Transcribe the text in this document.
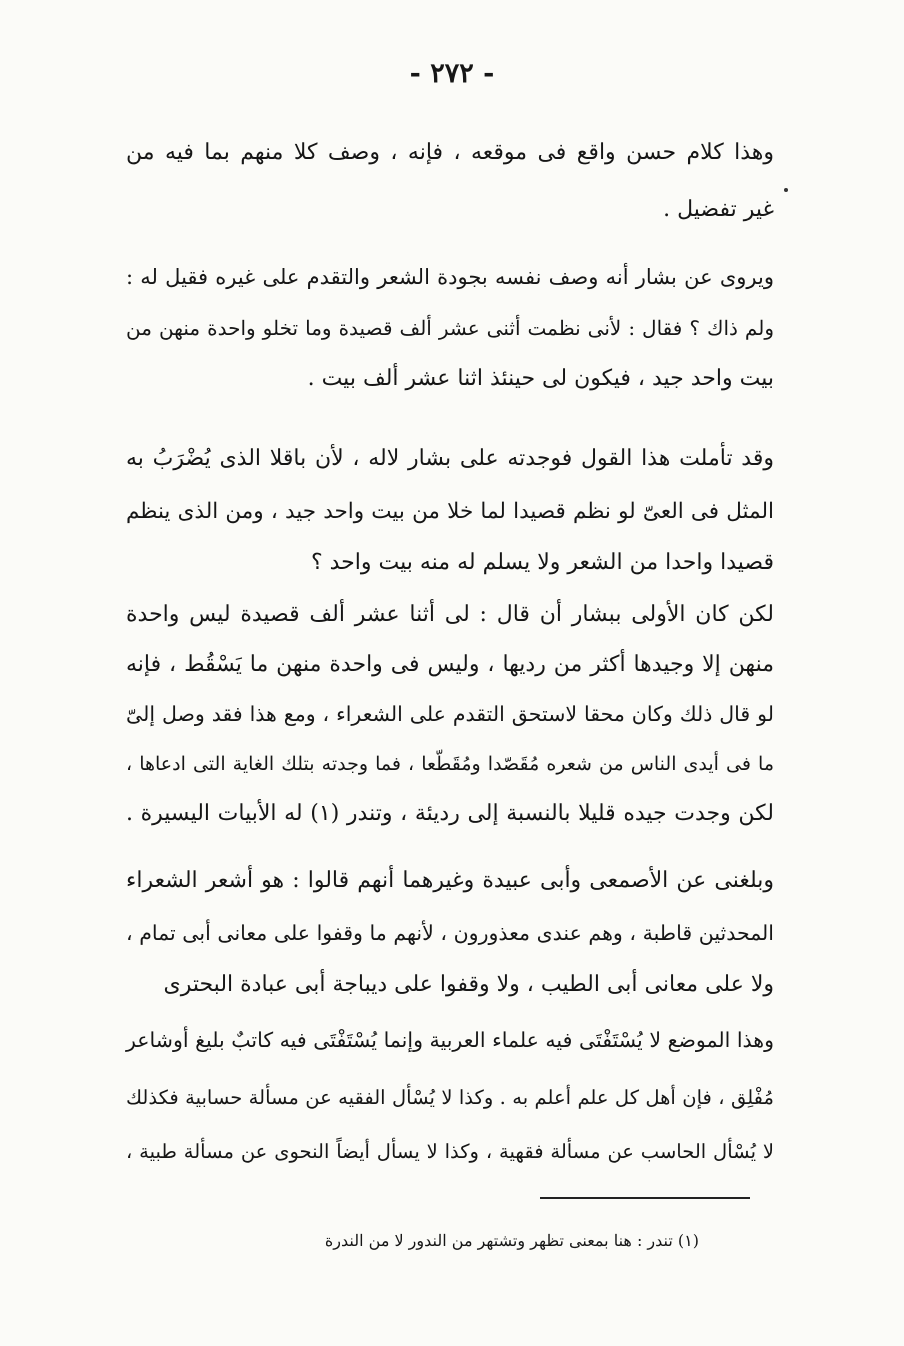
- ٢٧٢ -
وهذا كلام حسن واقع فى موقعه ، فإنه ، وصف كلا منهم بما فيه من
غير تفضيل .
ويروى عن بشار أنه وصف نفسه بجودة الشعر والتقدم على غيره فقيل له :
ولم ذاك ؟ فقال : لأنى نظمت أثنى عشر ألف قصيدة وما تخلو واحدة منهن من
بيت واحد جيد ، فيكون لى حينئذ اثنا عشر ألف بيت .
وقد تأملت هذا القول فوجدته على بشار لاله ، لأن باقلا الذى يُضْرَبُ به
المثل فى العىّ لو نظم قصيدا لما خلا من بيت واحد جيد ، ومن الذى ينظم
قصيدا واحدا من الشعر ولا يسلم له منه بيت واحد ؟
لكن كان الأولى ببشار أن قال : لى أثنا عشر ألف قصيدة ليس واحدة
منهن إلا وجيدها أكثر من رديها ، وليس فى واحدة منهن ما يَسْقُط ، فإنه
لو قال ذلك وكان محقا لاستحق التقدم على الشعراء ، ومع هذا فقد وصل إلىّ
ما فى أيدى الناس من شعره مُقَصّدا ومُقَطّعا ، فما وجدته بتلك الغاية التى ادعاها ،
لكن وجدت جيده قليلا بالنسبة إلى رديئة ، وتندر (١) له الأبيات اليسيرة .
وبلغنى عن الأصمعى وأبى عبيدة وغيرهما أنهم قالوا : هو أشعر الشعراء
المحدثين قاطبة ، وهم عندى معذورون ، لأنهم ما وقفوا على معانى أبى تمام ،
ولا على معانى أبى الطيب ، ولا وقفوا على ديباجة أبى عبادة البحترى
وهذا الموضع لا يُسْتَفْتَى فيه علماء العربية وإنما يُسْتَفْتَى فيه كاتبٌ بليغ أوشاعر
مُفْلِق ، فإن أهل كل علم أعلم به . وكذا لا يُسْأل الفقيه عن مسألة حسابية فكذلك
لا يُسْأل الحاسب عن مسألة فقهية ، وكذا لا يسأل أيضاً النحوى عن مسألة طبية ،
(١) تندر : هنا بمعنى تظهر وتشتهر من الندور لا من الندرة
